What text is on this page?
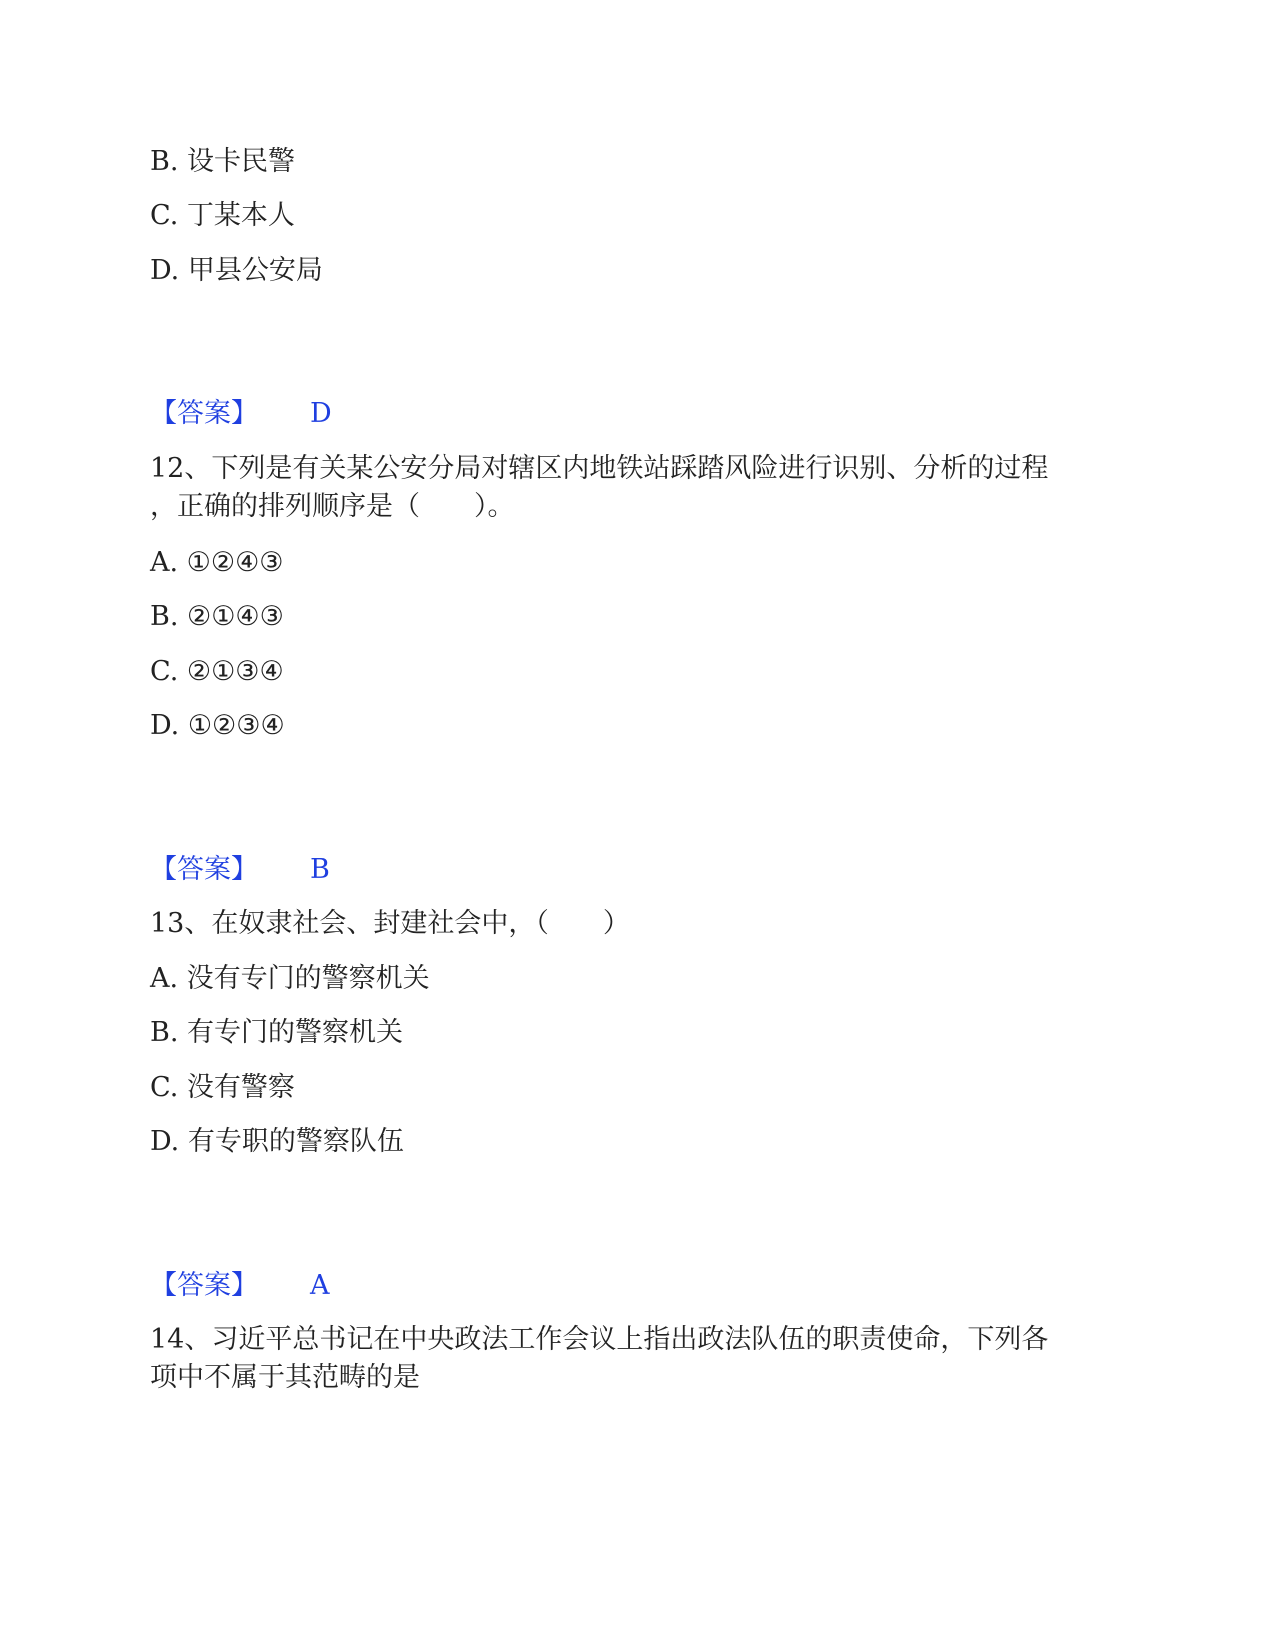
B. 设卡民警
C. 丁某本人
D. 甲县公安局
【答案】 D
12、下列是有关某公安分局对辖区内地铁站踩踏风险进行识别、分析的过程
，正确的排列顺序是（　　）。
A. ①②④③
B. ②①④③
C. ②①③④
D. ①②③④
【答案】 B
13、在奴隶社会、封建社会中，（　　）
A. 没有专门的警察机关
B. 有专门的警察机关
C. 没有警察
D. 有专职的警察队伍
【答案】 A
14、习近平总书记在中央政法工作会议上指出政法队伍的职责使命，下列各
项中不属于其范畴的是
